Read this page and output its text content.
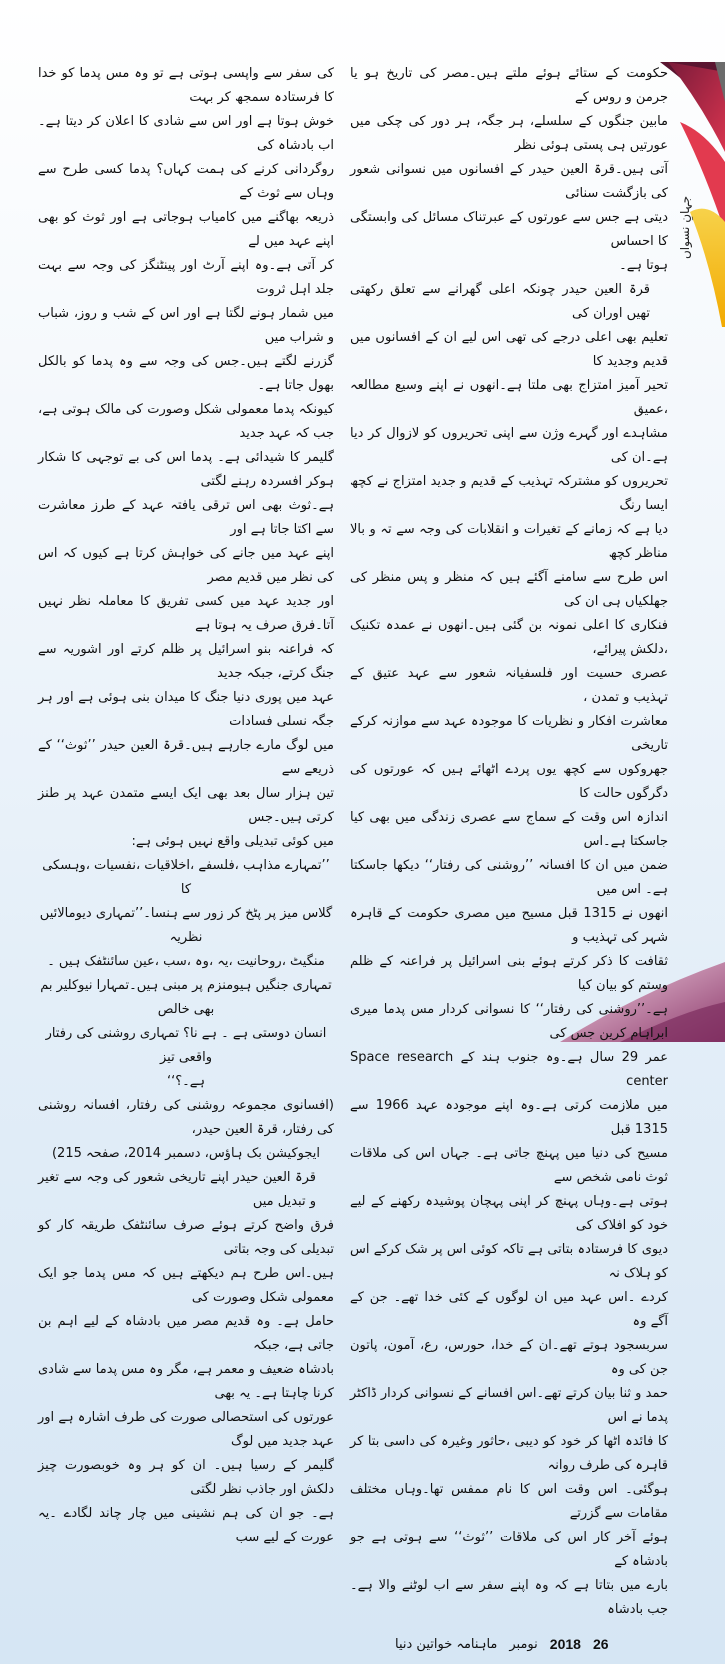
جہانِ نسواں
حکومت کے ستائے ہوئے ملتے ہیں۔مصر کی تاریخ ہو یا جرمن و روس کے
مابین جنگوں کے سلسلے، ہر جگہ، ہر دور کی چکی میں عورتیں ہی پستی ہوئی نظر
آتی ہیں۔قرۃ العین حیدر کے افسانوں میں نسوانی شعور کی بازگشت سنائی
دیتی ہے جس سے عورتوں کے عبرتناک مسائل کی وابستگی کا احساس
ہوتا ہے۔
قرۃ العین حیدر چونکہ اعلی گھرانے سے تعلق رکھتی تھیں اوران کی
تعلیم بھی اعلی درجے کی تھی اس لیے ان کے افسانوں میں قدیم وجدید کا
تحیر آمیز امتزاج بھی ملتا ہے۔انھوں نے اپنے وسیع مطالعہ ،عمیق
مشاہدے اور گہرے وژن سے اپنی تحریروں کو لازوال کر دیا ہے۔ان کی
تحریروں کو مشترکہ تہذیب کے قدیم و جدید امتزاج نے کچھ ایسا رنگ
دیا ہے کہ زمانے کے تغیرات و انقلابات کی وجہ سے تہ و بالا مناظر کچھ
اس طرح سے سامنے آگئے ہیں کہ منظر و پس منظر کی جھلکیاں ہی ان کی
فنکاری کا اعلی نمونہ بن گئی ہیں۔انھوں نے عمدہ تکنیک ،دلکش پیرائے،
عصری حسیت اور فلسفیانہ شعور سے عہد عتیق کے تہذیب و تمدن ،
معاشرت افکار و نظریات کا موجودہ عہد سے موازنہ کرکے تاریخی
جھروکوں سے کچھ یوں پردے اٹھائے ہیں کہ عورتوں کی دگرگوں حالت کا
اندازہ اس وقت کے سماج سے عصری زندگی میں بھی کیا جاسکتا ہے۔اس
ضمن میں ان کا افسانہ ’’روشنی کی رفتار‘‘ دیکھا جاسکتا ہے۔ اس میں
انھوں نے 1315 قبل مسیح میں مصری حکومت کے قاہرہ شہر کی تہذیب و
ثقافت کا ذکر کرتے ہوئے بنی اسرائیل پر فراعنہ کے ظلم وستم کو بیان کیا
ہے۔’’روشنی کی رفتار‘‘ کا نسوانی کردار مس پدما میری ابراہام کرین جس کی
عمر 29 سال ہے۔وہ جنوب ہند کے Space research center
میں ملازمت کرتی ہے۔وہ اپنے موجودہ عہد 1966 سے 1315 قبل
مسیح کی دنیا میں پہنچ جاتی ہے۔ جہاں اس کی ملاقات ثوث نامی شخص سے
ہوتی ہے۔وہاں پہنچ کر اپنی پہچان پوشیدہ رکھنے کے لیے خود کو افلاک کی
دیوی کا فرستادہ بتاتی ہے تاکہ کوئی اس پر شک کرکے اس کو ہلاک نہ
کردے ۔اس عہد میں ان لوگوں کے کئی خدا تھے۔ جن کے آگے وہ
سربسجود ہوتے تھے۔ان کے خدا، حورس، رع، آمون، پاتون جن کی وہ
حمد و ثنا بیان کرتے تھے۔اس افسانے کے نسوانی کردار ڈاکٹر پدما نے اس
کا فائدہ اٹھا کر خود کو دیبی ،حاثور وغیرہ کی داسی بتا کر قاہرہ کی طرف روانہ
ہوگئی۔ اس وقت اس کا نام ممفس تھا۔وہاں مختلف مقامات سے گزرتے
ہوئے آخر کار اس کی ملاقات ’’ثوث‘‘ سے ہوتی ہے جو بادشاہ کے
بارے میں بتاتا ہے کہ وہ اپنے سفر سے اب لوٹنے والا ہے۔جب بادشاہ
کی سفر سے واپسی ہوتی ہے تو وہ مس پدما کو خدا کا فرستادہ سمجھ کر بہت
خوش ہوتا ہے اور اس سے شادی کا اعلان کر دیتا ہے۔اب بادشاہ کی
روگردانی کرنے کی ہمت کہاں؟ پدما کسی طرح سے وہاں سے ثوث کے
ذریعہ بھاگنے میں کامیاب ہوجاتی ہے اور ثوث کو بھی اپنے عہد میں لے
کر آتی ہے۔وہ اپنے آرٹ اور پینٹنگز کی وجہ سے بہت جلد اہل ثروت
میں شمار ہونے لگتا ہے اور اس کے شب و روز، شباب و شراب میں
گزرنے لگتے ہیں۔جس کی وجہ سے وہ پدما کو بالکل بھول جاتا ہے۔
کیونکہ پدما معمولی شکل وصورت کی مالک ہوتی ہے، جب کہ عہد جدید
گلیمر کا شیدائی ہے۔ پدما اس کی بے توجہی کا شکار ہوکر افسردہ رہنے لگتی
ہے۔ثوث بھی اس ترقی یافتہ عہد کے طرز معاشرت سے اکتا جاتا ہے اور
اپنے عہد میں جانے کی خواہش کرتا ہے کیوں کہ اس کی نظر میں قدیم مصر
اور جدید عہد میں کسی تفریق کا معاملہ نظر نہیں آتا۔فرق صرف یہ ہوتا ہے
کہ فراعنہ بنو اسرائیل پر ظلم کرتے اور اشوریہ سے جنگ کرتے، جبکہ جدید
عہد میں پوری دنیا جنگ کا میدان بنی ہوئی ہے اور ہر جگہ نسلی فسادات
میں لوگ مارے جارہے ہیں۔قرۃ العین حیدر ’’ثوث‘‘ کے ذریعے سے
تین ہزار سال بعد بھی ایک ایسے متمدن عہد پر طنز کرتی ہیں۔جس
میں کوئی تبدیلی واقع نہیں ہوئی ہے:
’’تمہارے مذاہب ،فلسفے ،اخلاقیات ،نفسیات ،وہسکی کا
گلاس میز پر پٹخ کر زور سے ہنسا۔’’تمہاری دیومالائیں نظریہ
منگیٹ ،روحانیت ،یہ ،وہ ،سب ،عین سائنٹفک ہیں ۔
تمہاری جنگیں ہیومنزم پر مبنی ہیں۔تمہارا نیوکلیر بم بھی خالص
انسان دوستی ہے ۔ ہے نا؟ تمہاری روشنی کی رفتار واقعی تیز
ہے۔؟‘‘
(افسانوی مجموعہ روشنی کی رفتار، افسانہ روشنی کی رفتار، قرۃ العین حیدر،
ایجوکیشن بک ہاؤس، دسمبر 2014، صفحہ 215)
قرۃ العین حیدر اپنے تاریخی شعور کی وجہ سے تغیر و تبدیل میں
فرق واضح کرتے ہوئے صرف سائنٹفک طریقہ کار کو تبدیلی کی وجہ بتاتی
ہیں۔اس طرح ہم دیکھتے ہیں کہ مس پدما جو ایک معمولی شکل وصورت کی
حامل ہے۔ وہ قدیم مصر میں بادشاہ کے لیے اہم بن جاتی ہے، جبکہ
بادشاہ ضعیف و معمر ہے، مگر وہ مس پدما سے شادی کرنا چاہتا ہے۔ یہ بھی
عورتوں کی استحصالی صورت کی طرف اشارہ ہے اور عہد جدید میں لوگ
گلیمر کے رسیا ہیں۔ ان کو ہر وہ خوبصورت چیز دلکش اور جاذب نظر لگتی
ہے۔ جو ان کی ہم نشینی میں چار چاند لگادے ۔یہ عورت کے لیے سب
ماہنامہ خواتین دنیا نومبر 2018 26
